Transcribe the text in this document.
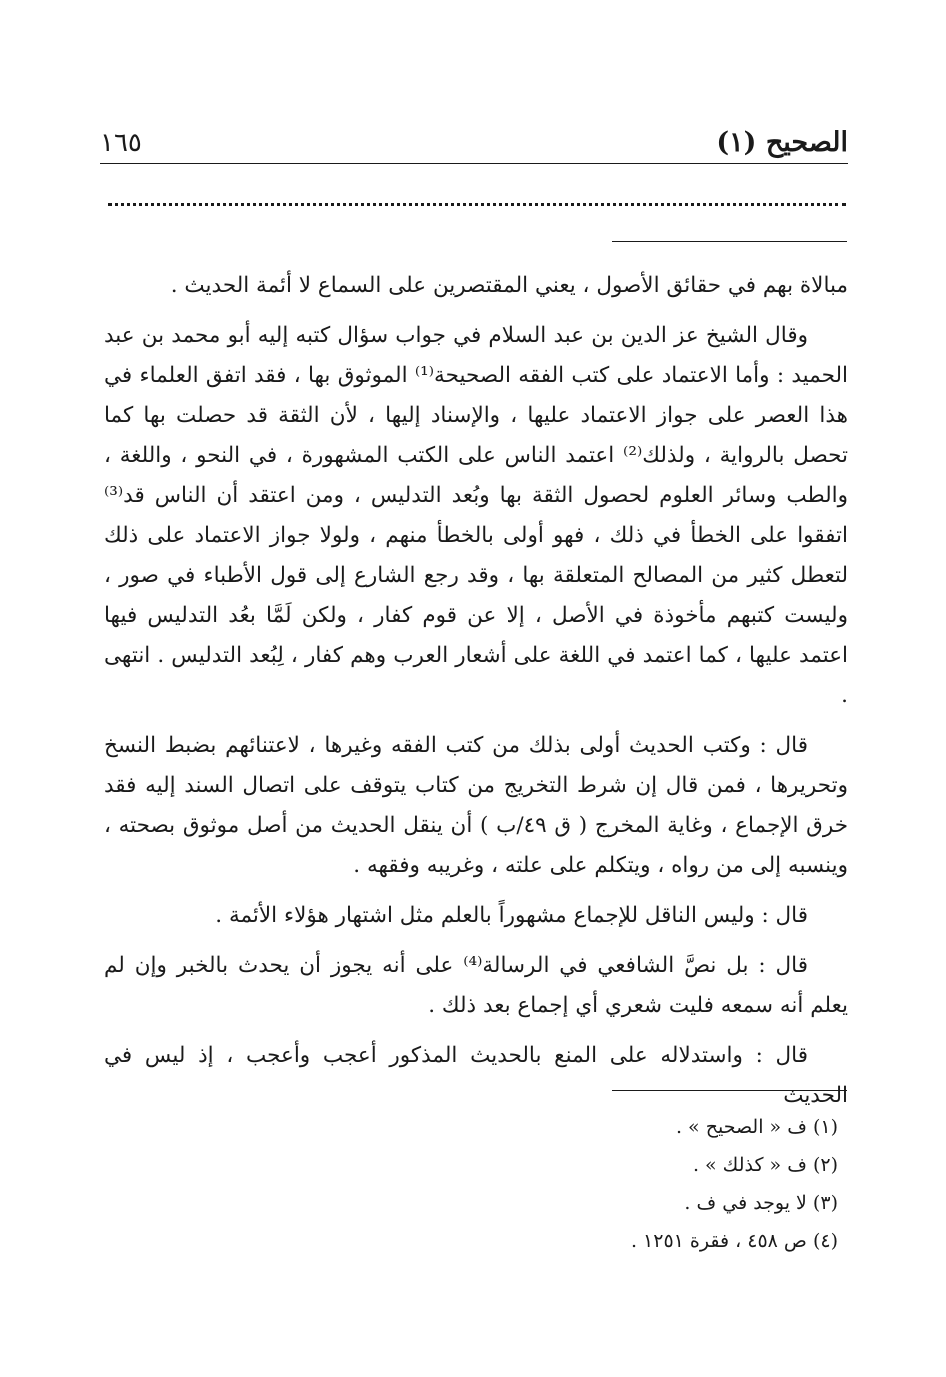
١٦٥	(١) الصحيح

مبالاة بهم في حقائق الأصول ، يعني المقتصرين على السماع لا أئمة الحديث .

وقال الشيخ عز الدين بن عبد السلام في جواب سؤال كتبه إليه أبو محمد بن عبد الحميد : وأما الاعتماد على كتب الفقه الصحيحة⁽¹⁾ الموثوق بها ، فقد اتفق العلماء في هذا العصر على جواز الاعتماد عليها ، والإسناد إليها ، لأن الثقة قد حصلت بها كما تحصل بالرواية ، ولذلك⁽²⁾ اعتمد الناس على الكتب المشهورة ، في النحو ، واللغة ، والطب وسائر العلوم لحصول الثقة بها وبُعد التدليس ، ومن اعتقد أن الناس قد⁽³⁾ اتفقوا على الخطأ في ذلك ، فهو أولى بالخطأ منهم ، ولولا جواز الاعتماد على ذلك لتعطل كثير من المصالح المتعلقة بها ، وقد رجع الشارع إلى قول الأطباء في صور ، وليست كتبهم مأخوذة في الأصل ، إلا عن قوم كفار ، ولكن لَمَّا بعُد التدليس فيها اعتمد عليها ، كما اعتمد في اللغة على أشعار العرب وهم كفار ، لِبُعد التدليس . انتهى .

قال : وكتب الحديث أولى بذلك من كتب الفقه وغيرها ، لاعتنائهم بضبط النسخ وتحريرها ، فمن قال إن شرط التخريج من كتاب يتوقف على اتصال السند إليه فقد خرق الإجماع ، وغاية المخرج ( ق ٤٩/ب ) أن ينقل الحديث من أصل موثوق بصحته ، وينسبه إلى من رواه ، ويتكلم على علته ، وغريبه وفقهه .

قال : وليس الناقل للإجماع مشهوراً بالعلم مثل اشتهار هؤلاء الأئمة .

قال : بل نصَّ الشافعي في الرسالة⁽⁴⁾ على أنه يجوز أن يحدث بالخبر وإن لم يعلم أنه سمعه فليت شعري أي إجماع بعد ذلك .

قال : واستدلاله على المنع بالحديث المذكور أعجب وأعجب ، إذ ليس في الحديث

(١) ف « الصحيح » .
(٢) ف « كذلك » .
(٣) لا يوجد في ف .
(٤) ص ٤٥٨ ، فقرة ١٢٥١ .
